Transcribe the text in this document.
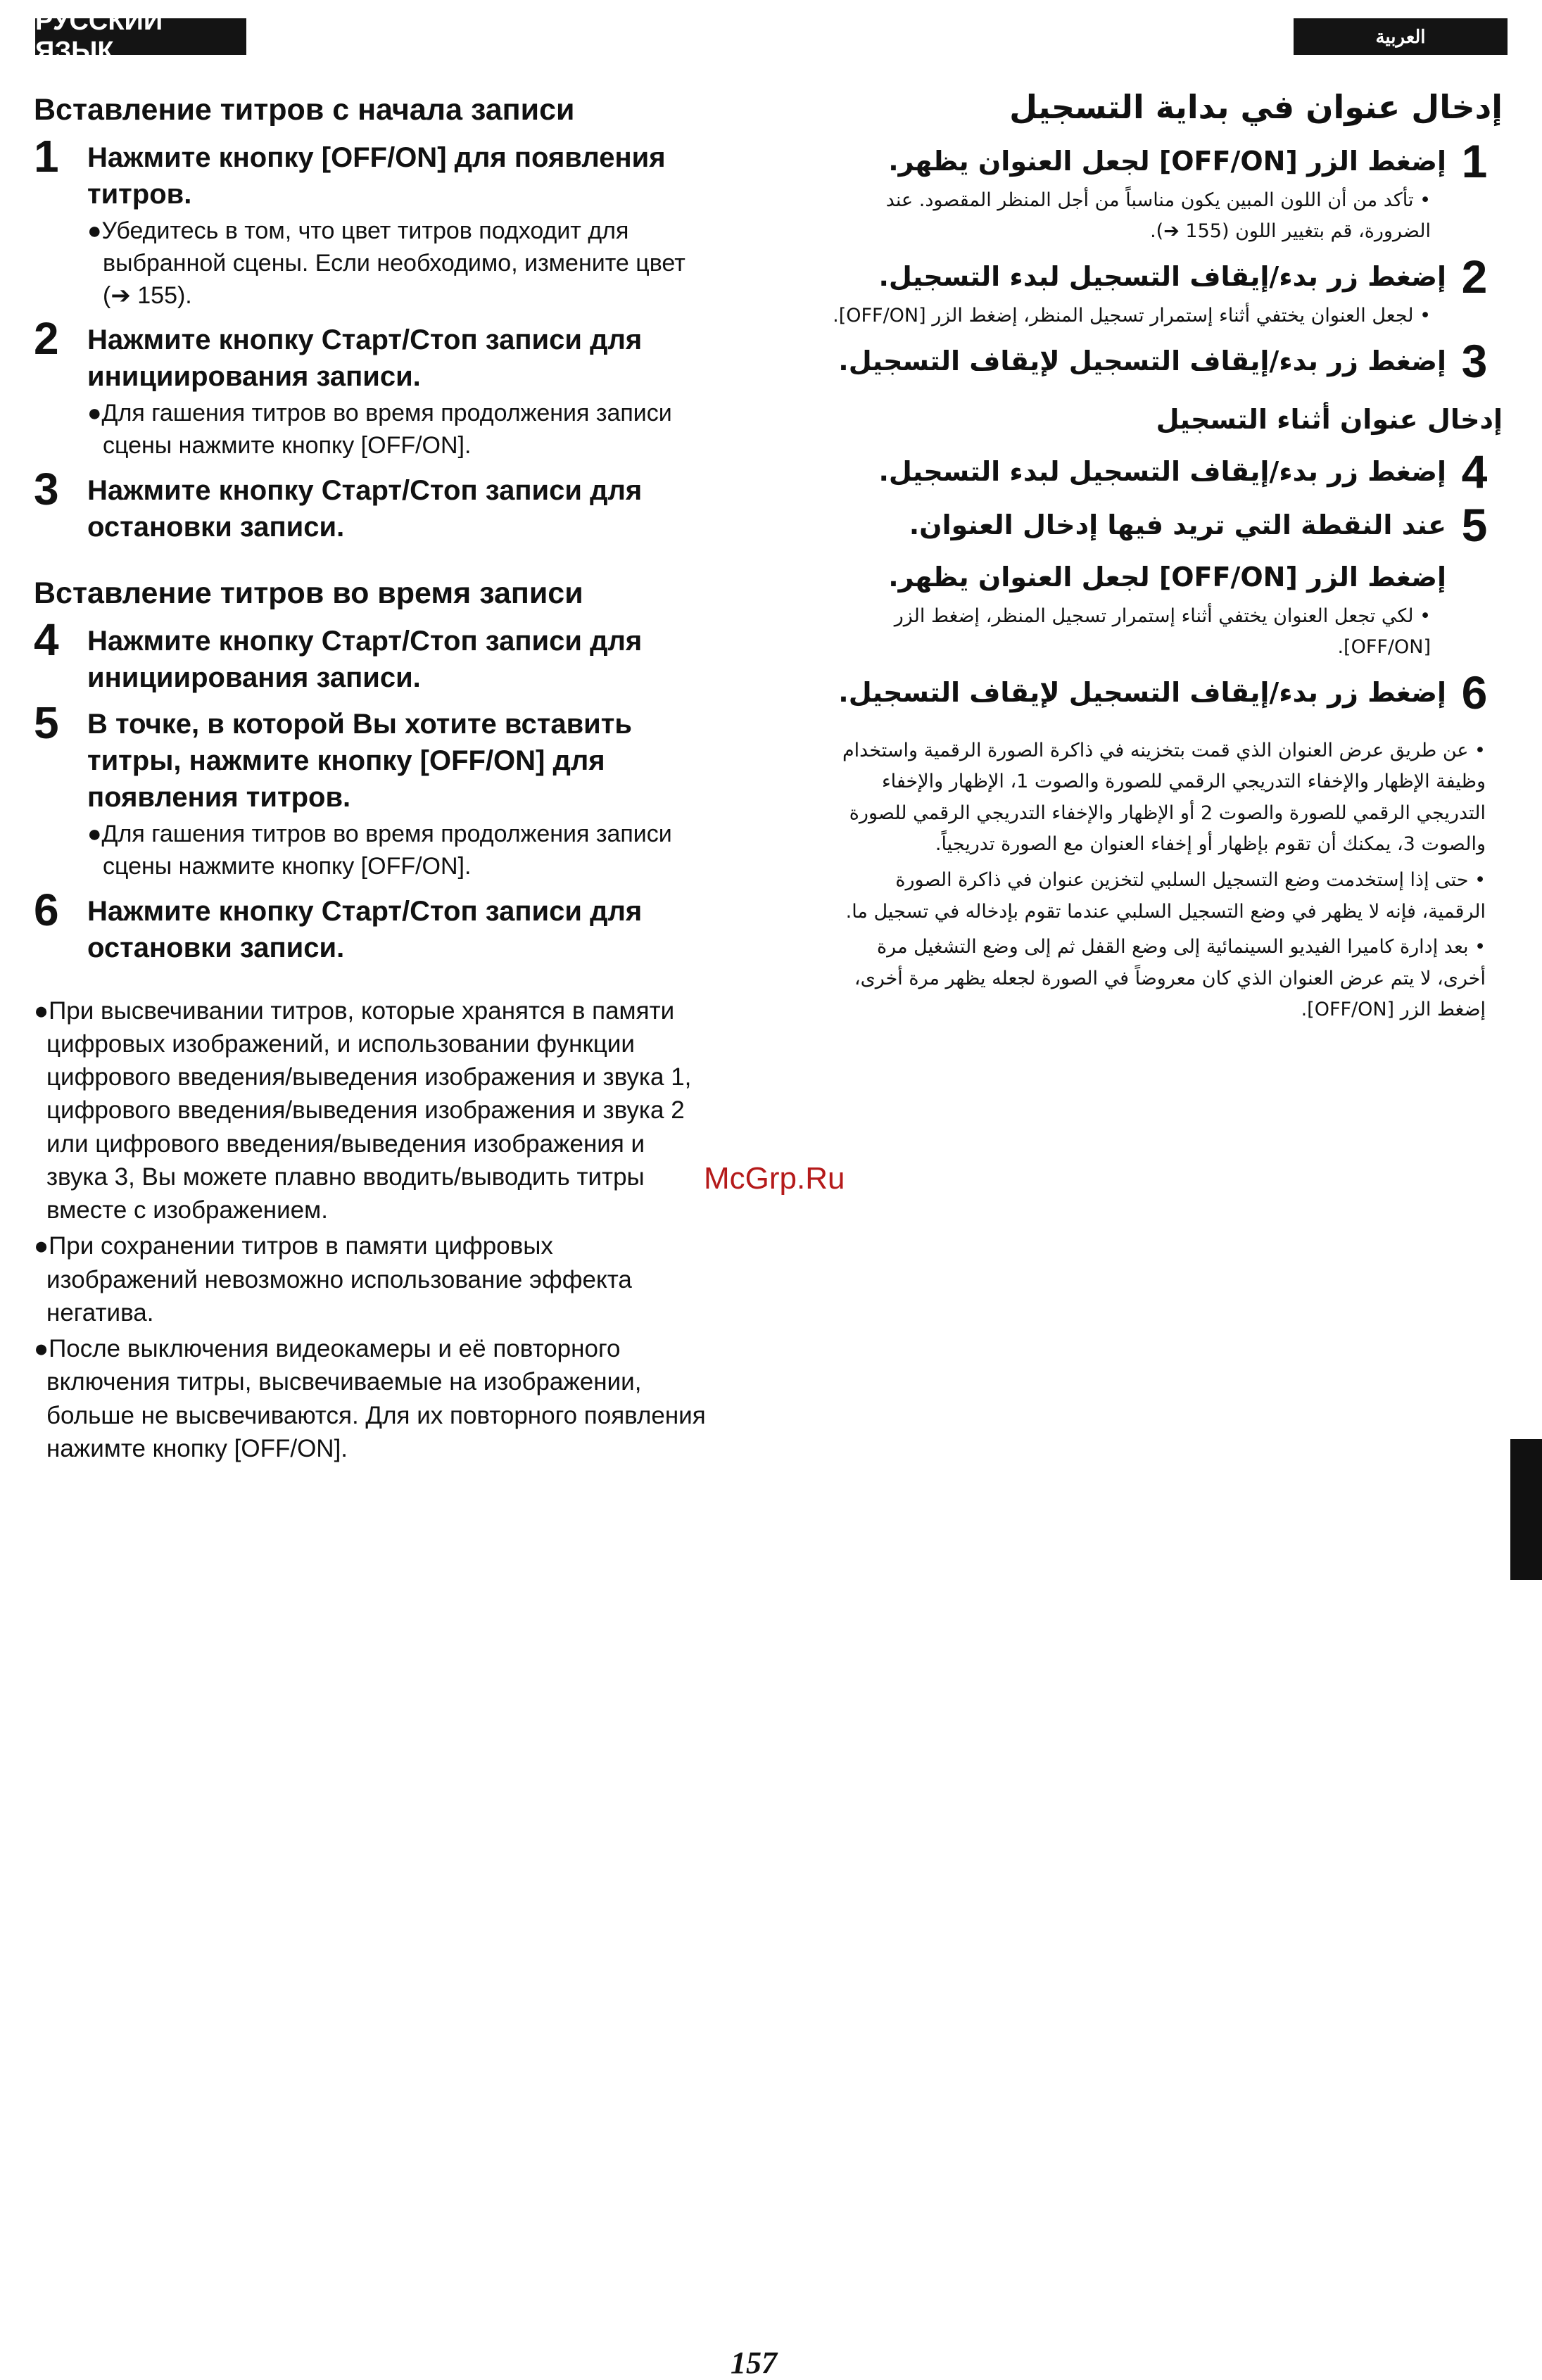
РУССКИЙ ЯЗЫК
العربية
Вставление титров с начала записи
1	Нажмите кнопку [OFF/ON] для появления титров.
●Убедитесь в том, что цвет титров подходит для выбранной сцены. Если необходимо, измените цвет (➔ 155).
2	Нажмите кнопку Старт/Стоп записи для инициирования записи.
●Для гашения титров во время продолжения записи сцены нажмите кнопку [OFF/ON].
3	Нажмите кнопку Старт/Стоп записи для остановки записи.
Вставление титров во время записи
4	Нажмите кнопку Старт/Стоп записи для инициирования записи.
5	В точке, в которой Вы хотите вставить титры, нажмите кнопку [OFF/ON] для появления титров.
●Для гашения титров во время продолжения записи сцены нажмите кнопку [OFF/ON].
6	Нажмите кнопку Старт/Стоп записи для остановки записи.
●При высвечивании титров, которые хранятся в памяти цифровых изображений, и использовании функции цифрового введения/выведения изображения и звука 1, цифрового введения/выведения изображения и звука 2 или цифрового введения/выведения изображения и звука 3, Вы можете плавно вводить/выводить титры вместе с изображением.
●При сохранении титров в памяти цифровых изображений невозможно использование эффекта негатива.
●После выключения видеокамеры и её повторного включения титры, высвечиваемые на изображении, больше не высвечиваются. Для их повторного появления нажимте кнопку [OFF/ON].
إدخال عنوان في بداية التسجيل
1
إضغط الزر [OFF/ON] لجعل العنوان يظهر.
• تأكد من أن اللون المبين يكون مناسباً من أجل المنظر المقصود. عند الضرورة، قم بتغيير اللون (155 ➔).
2
إضغط زر بدء/إيقاف التسجيل لبدء التسجيل.
• لجعل العنوان يختفي أثناء إستمرار تسجيل المنظر، إضغط الزر [OFF/ON].
3
إضغط زر بدء/إيقاف التسجيل لإيقاف التسجيل.
إدخال عنوان أثناء التسجيل
4
إضغط زر بدء/إيقاف التسجيل لبدء التسجيل.
5
عند النقطة التي تريد فيها إدخال العنوان.
إضغط الزر [OFF/ON] لجعل العنوان يظهر.
• لكي تجعل العنوان يختفي أثناء إستمرار تسجيل المنظر، إضغط الزر [OFF/ON].
6
إضغط زر بدء/إيقاف التسجيل لإيقاف التسجيل.
• عن طريق عرض العنوان الذي قمت بتخزينه في ذاكرة الصورة الرقمية واستخدام وظيفة الإظهار والإخفاء التدريجي الرقمي للصورة والصوت 1، الإظهار والإخفاء التدريجي الرقمي للصورة والصوت 2 أو الإظهار والإخفاء التدريجي الرقمي للصورة والصوت 3، يمكنك أن تقوم بإظهار أو إخفاء العنوان مع الصورة تدريجياً.
• حتى إذا إستخدمت وضع التسجيل السلبي لتخزين عنوان في ذاكرة الصورة الرقمية، فإنه لا يظهر في وضع التسجيل السلبي عندما تقوم بإدخاله في تسجيل ما.
• بعد إدارة كاميرا الفيديو السينمائية إلى وضع القفل ثم إلى وضع التشغيل مرة أخرى، لا يتم عرض العنوان الذي كان معروضاً في الصورة لجعله يظهر مرة أخرى، إضغط الزر [OFF/ON].
McGrp.Ru
157
